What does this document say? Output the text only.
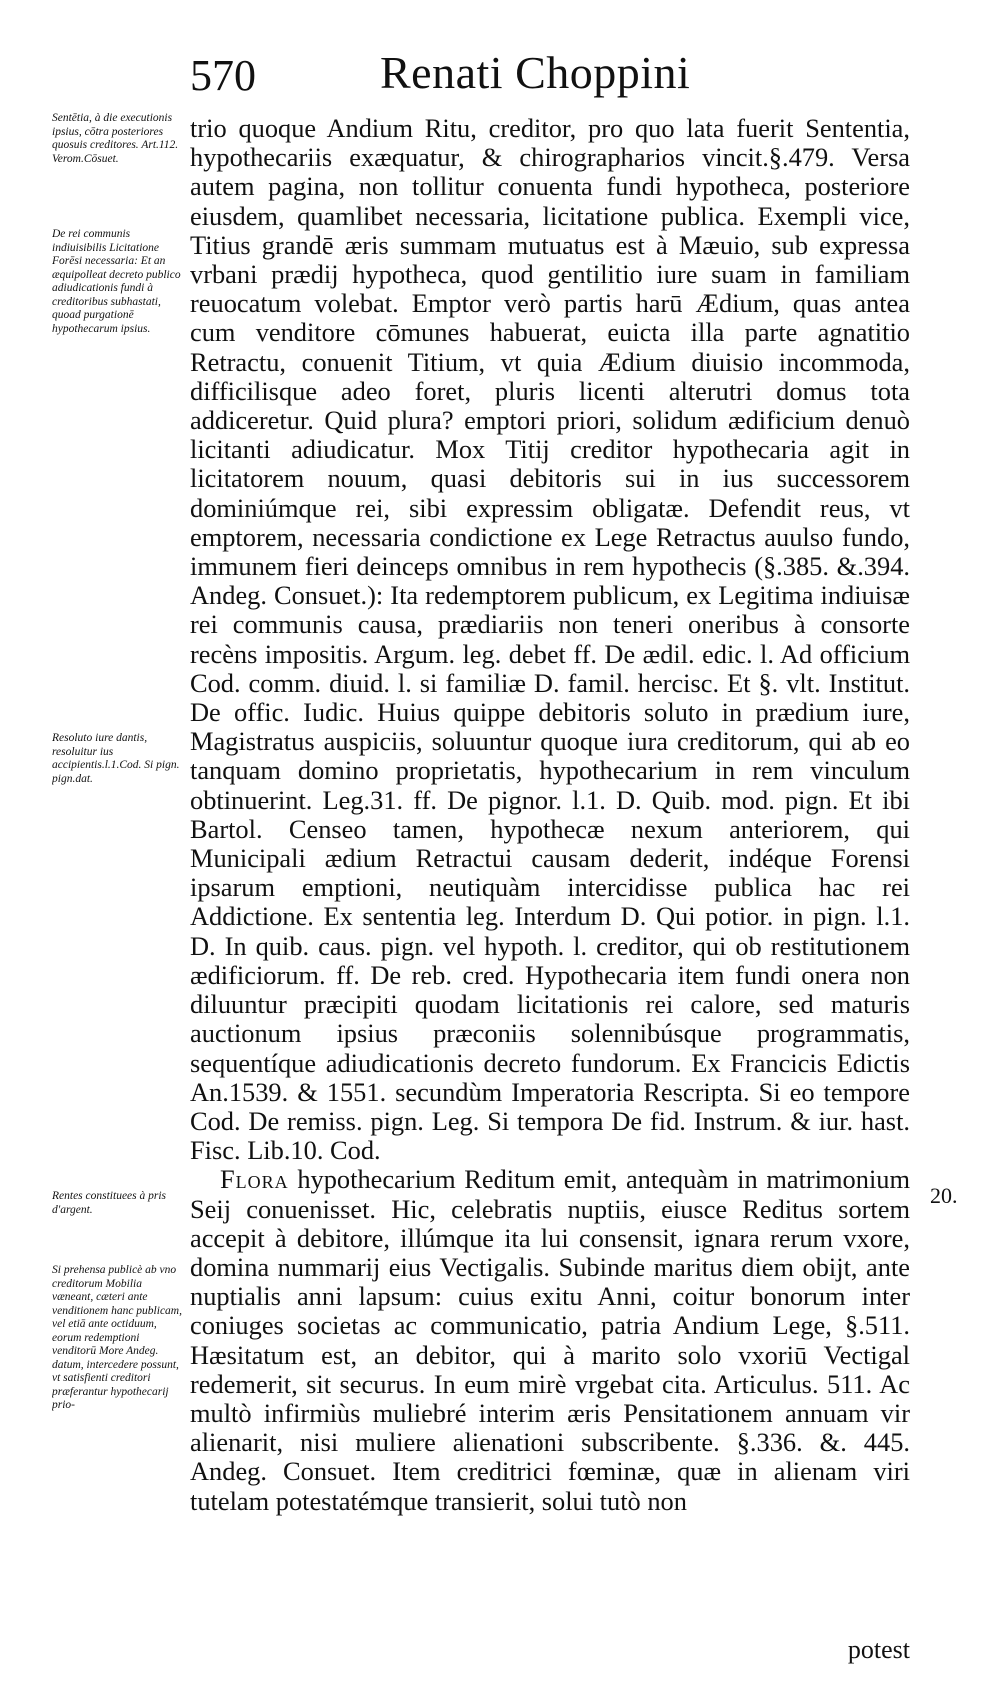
570	Renati Choppini
Sentētia, à die executionis ipsius, cōtra posteriores quosuis creditores. Art.112. Verom.Cōsuet.
De rei communis indiuisibilis Licitatione Forēsi necessaria: Et an æquipolleat decreto publico adiudicationis fundi à creditoribus subhastati, quoad purgationē hypothecarum ipsius.
Resoluto iure dantis, resoluitur ius accipientis.l.1.Cod. Si pign. pign.dat.
Rentes constituees à pris d'argent.
Si prehensa publicè ab vno creditorum Mobilia væneant, cæteri ante venditionem hanc publicam, vel etiā ante octiduum, eorum redemptioni venditorū More Andeg. datum, intercedere possunt, vt satisfienti creditori præferantur hypothecarij prio-

trio quoque Andium Ritu, creditor, pro quo lata fuerit Sententia, hypothecariis exæquatur, & chirographarios vincit.§.479. Versa autem pagina, non tollitur conuenta fundi hypotheca, posteriore eiusdem, quamlibet necessaria, licitatione publica. Exempli vice, Titius grandē æris summam mutuatus est à Mæuio, sub expressa vrbani prædij hypotheca, quod gentilitio iure suam in familiam reuocatum volebat. Emptor verò partis harū Ædium, quas antea cum venditore cōmunes habuerat, euicta illa parte agnatitio Retractu, conuenit Titium, vt quia Ædium diuisio incommoda, difficilisque adeo foret, pluris licenti alterutri domus tota addiceretur. Quid plura? emptori priori, solidum ædificium denuò licitanti adiudicatur. Mox Titij creditor hypothecaria agit in licitatorem nouum, quasi debitoris sui in ius successorem dominiúmque rei, sibi expressim obligatæ. Defendit reus, vt emptorem, necessaria condictione ex Lege Retractus auulso fundo, immunem fieri deinceps omnibus in rem hypothecis (§.385. &.394. Andeg. Consuet.): Ita redemptorem publicum, ex Legitima indiuisæ rei communis causa, prædiariis non teneri oneribus à consorte recèns impositis. Argum. leg. debet ff. De ædil. edic. l. Ad officium Cod. comm. diuid. l. si familiæ D. famil. hercisc. Et §. vlt. Institut. De offic. Iudic. Huius quippe debitoris soluto in prædium iure, Magistratus auspiciis, soluuntur quoque iura creditorum, qui ab eo tanquam domino proprietatis, hypothecarium in rem vinculum obtinuerint. Leg.31. ff. De pignor. l.1. D. Quib. mod. pign. Et ibi Bartol. Censeo tamen, hypothecæ nexum anteriorem, qui Municipali ædium Retractui causam dederit, indéque Forensi ipsarum emptioni, neutiquàm intercidisse publica hac rei Addictione. Ex sententia leg. Interdum D. Qui potior. in pign. l.1. D. In quib. caus. pign. vel hypoth. l. creditor, qui ob restitutionem ædificiorum. ff. De reb. cred. Hypothecaria item fundi onera non diluuntur præcipiti quodam licitationis rei calore, sed maturis auctionum ipsius præconiis solennibúsque programmatis, sequentíque adiudicationis decreto fundorum. Ex Francicis Edictis An.1539. & 1551. secundùm Imperatoria Rescripta. Si eo tempore Cod. De remiss. pign. Leg. Si tempora De fid. Instrum. & iur. hast. Fisc. Lib.10. Cod.

Flora hypothecarium Reditum emit, antequàm in matrimonium Seij conuenisset. Hic, celebratis nuptiis, eiusce Reditus sortem accepit à debitore, illúmque ita lui consensit, ignara rerum vxore, domina nummarij eius Vectigalis. Subinde maritus diem obijt, ante nuptialis anni lapsum: cuius exitu Anni, coitur bonorum inter coniuges societas ac communicatio, patria Andium Lege, §.511. Hæsitatum est, an debitor, qui à marito solo vxoriū Vectigal redemerit, sit securus. In eum mirè vrgebat cita. Articulus. 511. Ac multò infirmiùs muliebré interim æris Pensitationem annuam vir alienarit, nisi muliere alienationi subscribente. §.336. &. 445. Andeg. Consuet. Item creditrici fœminæ, quæ in alienam viri tutelam potestatémque transierit, solui tutò non

20.
potest
